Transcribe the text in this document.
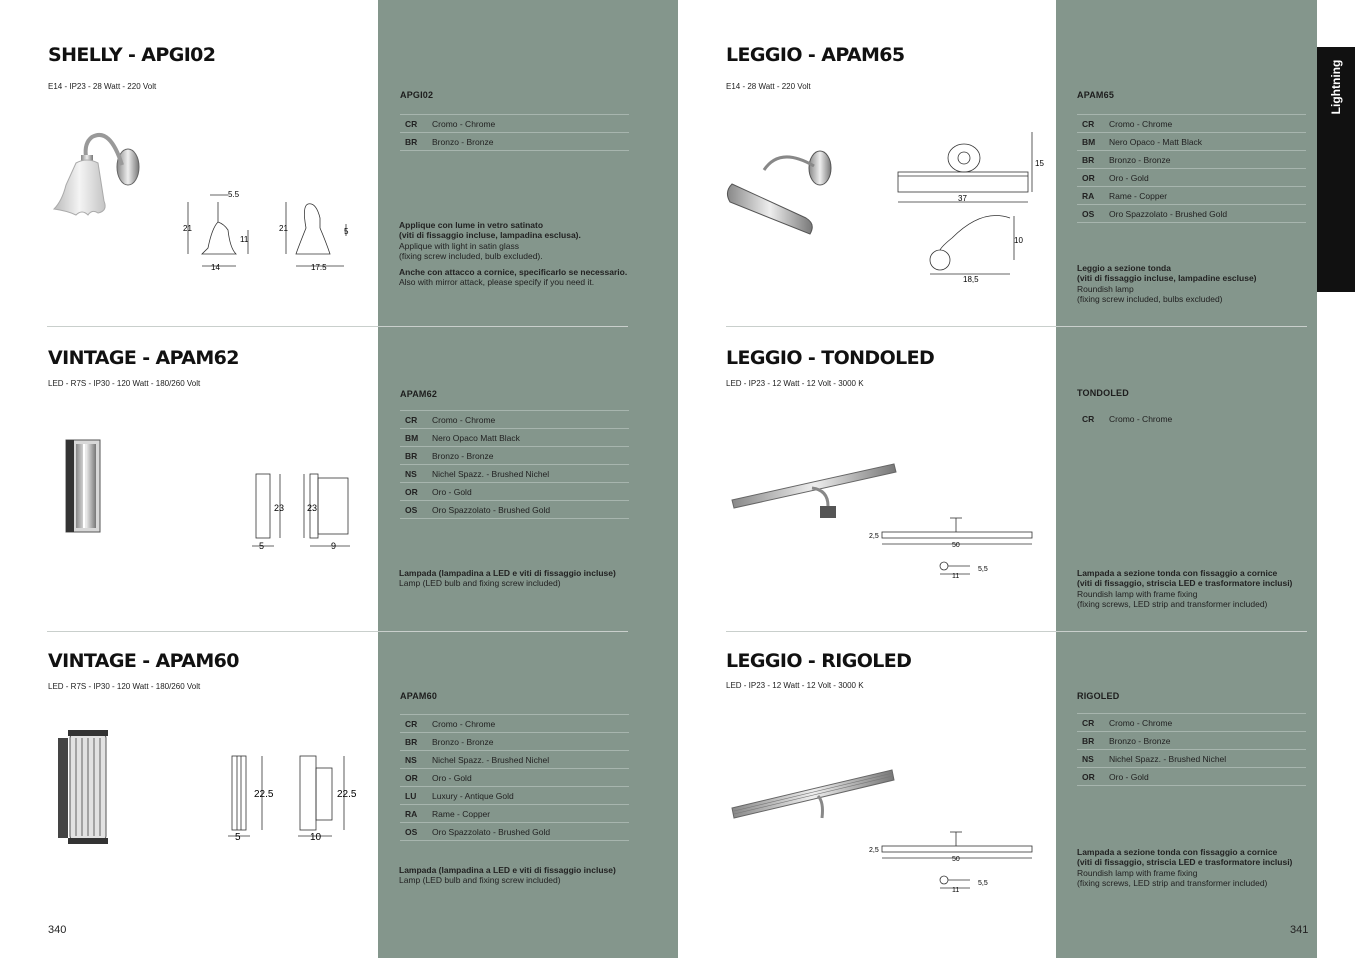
Lightning
SHELLY - APGI02
E14 - IP23 - 28 Watt - 220 Volt
APGI02
CR	Cromo - Chrome
BR	Bronzo - Bronze
Applique con lume in vetro satinato
(viti di fissaggio incluse, lampadina esclusa).
Applique with light in satin glass
(fixing screw included, bulb excluded).
Anche con attacco a cornice, specificarlo se necessario.
Also with mirror attack, please specify if you need it.
5.5
21
11
14
21	5
17.5
VINTAGE - APAM62
LED - R7S - IP30 - 120 Watt - 180/260 Volt
APAM62
CR	Cromo - Chrome
BM	Nero Opaco Matt Black
BR	Bronzo - Bronze
NS	Nichel Spazz. - Brushed Nichel
OR	Oro - Gold
OS	Oro Spazzolato - Brushed Gold
Lampada (lampadina a LED e viti di fissaggio incluse)
Lamp (LED bulb and fixing screw included)
23
5
23
9
VINTAGE - APAM60
LED - R7S - IP30 - 120 Watt - 180/260 Volt
APAM60
CR	Cromo - Chrome
BR	Bronzo - Bronze
NS	Nichel Spazz. - Brushed Nichel
OR	Oro - Gold
LU	Luxury - Antique Gold
RA	Rame - Copper
OS	Oro Spazzolato - Brushed Gold
Lampada (lampadina a LED e viti di fissaggio incluse)
Lamp (LED bulb and fixing screw included)
22.5
5
22.5
10
LEGGIO - APAM65
E14 - 28 Watt - 220 Volt
APAM65
CR	Cromo - Chrome
BM	Nero Opaco - Matt Black
BR	Bronzo - Bronze
OR	Oro - Gold
RA	Rame - Copper
OS	Oro Spazzolato - Brushed Gold
Leggio a sezione tonda
(viti di fissaggio incluse, lampadine escluse)
Roundish lamp
(fixing screw included, bulbs excluded)
15
37
10
18,5
LEGGIO - TONDOLED
LED - IP23 - 12 Watt - 12 Volt - 3000 K
TONDOLED
CR	Cromo - Chrome
Lampada a sezione tonda con fissaggio a cornice
(viti di fissaggio, striscia LED e trasformatore inclusi)
Roundish lamp with frame fixing
(fixing screws, LED strip and transformer included)
2,5
50
11
5,5
LEGGIO - RIGOLED
LED - IP23 - 12 Watt - 12 Volt - 3000 K
RIGOLED
CR	Cromo - Chrome
BR	Bronzo - Bronze
NS	Nichel Spazz. - Brushed Nichel
OR	Oro - Gold
Lampada a sezione tonda con fissaggio a cornice
(viti di fissaggio, striscia LED e trasformatore inclusi)
Roundish lamp with frame fixing
(fixing screws, LED strip and transformer included)
2,5
50
11
5,5
340	341
